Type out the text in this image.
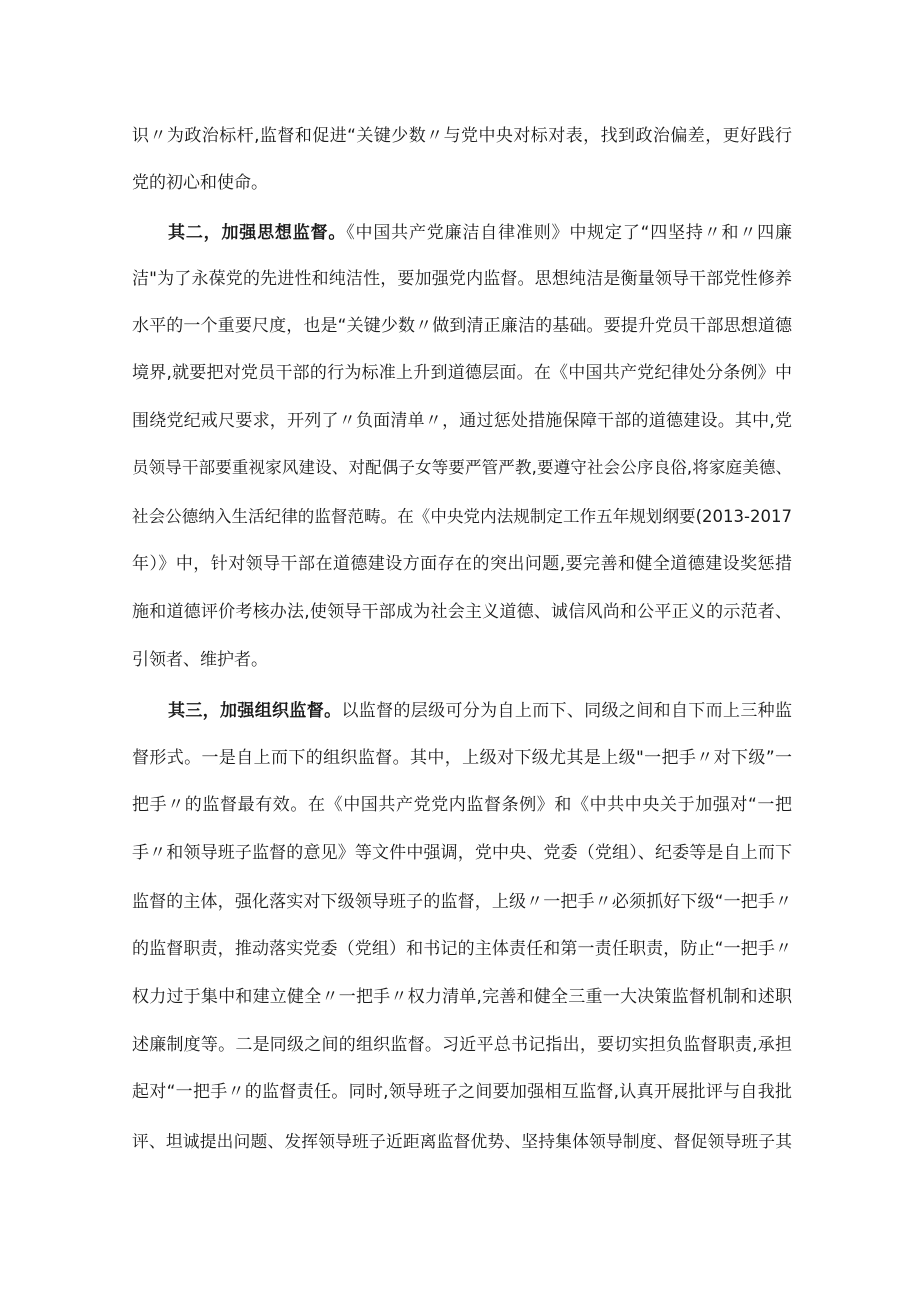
识〃为政治标杆,监督和促进“关键少数〃与党中央对标对表，找到政治偏差，更好践行
党的初心和使命。
其二，加强思想监督。《中国共产党廉洁自律准则》中规定了“四坚持〃和〃四廉
洁"为了永葆党的先进性和纯洁性，要加强党内监督。思想纯洁是衡量领导干部党性修养
水平的一个重要尺度，也是“关键少数〃做到清正廉洁的基础。要提升党员干部思想道德
境界,就要把对党员干部的行为标准上升到道德层面。在《中国共产党纪律处分条例》中
围绕党纪戒尺要求，开列了〃负面清单〃，通过惩处措施保障干部的道德建设。其中,党
员领导干部要重视家风建设、对配偶子女等要严管严教,要遵守社会公序良俗,将家庭美德、
社会公德纳入生活纪律的监督范畴。在《中央党内法规制定工作五年规划纲要(2013-2017
年）》中，针对领导干部在道德建设方面存在的突出问题,要完善和健全道德建设奖惩措
施和道德评价考核办法,使领导干部成为社会主义道德、诚信风尚和公平正义的示范者、
引领者、维护者。
其三，加强组织监督。以监督的层级可分为自上而下、同级之间和自下而上三种监
督形式。一是自上而下的组织监督。其中，上级对下级尤其是上级"一把手〃对下级”一
把手〃的监督最有效。在《中国共产党党内监督条例》和《中共中央关于加强对“一把
手〃和领导班子监督的意见》等文件中强调，党中央、党委（党组）、纪委等是自上而下
监督的主体，强化落实对下级领导班子的监督，上级〃一把手〃必须抓好下级“一把手〃
的监督职责，推动落实党委（党组）和书记的主体责任和第一责任职责，防止“一把手〃
权力过于集中和建立健全〃一把手〃权力清单,完善和健全三重一大决策监督机制和述职
述廉制度等。二是同级之间的组织监督。习近平总书记指出，要切实担负监督职责,承担
起对“一把手〃的监督责任。同时,领导班子之间要加强相互监督,认真开展批评与自我批
评、坦诚提出问题、发挥领导班子近距离监督优势、坚持集体领导制度、督促领导班子其
